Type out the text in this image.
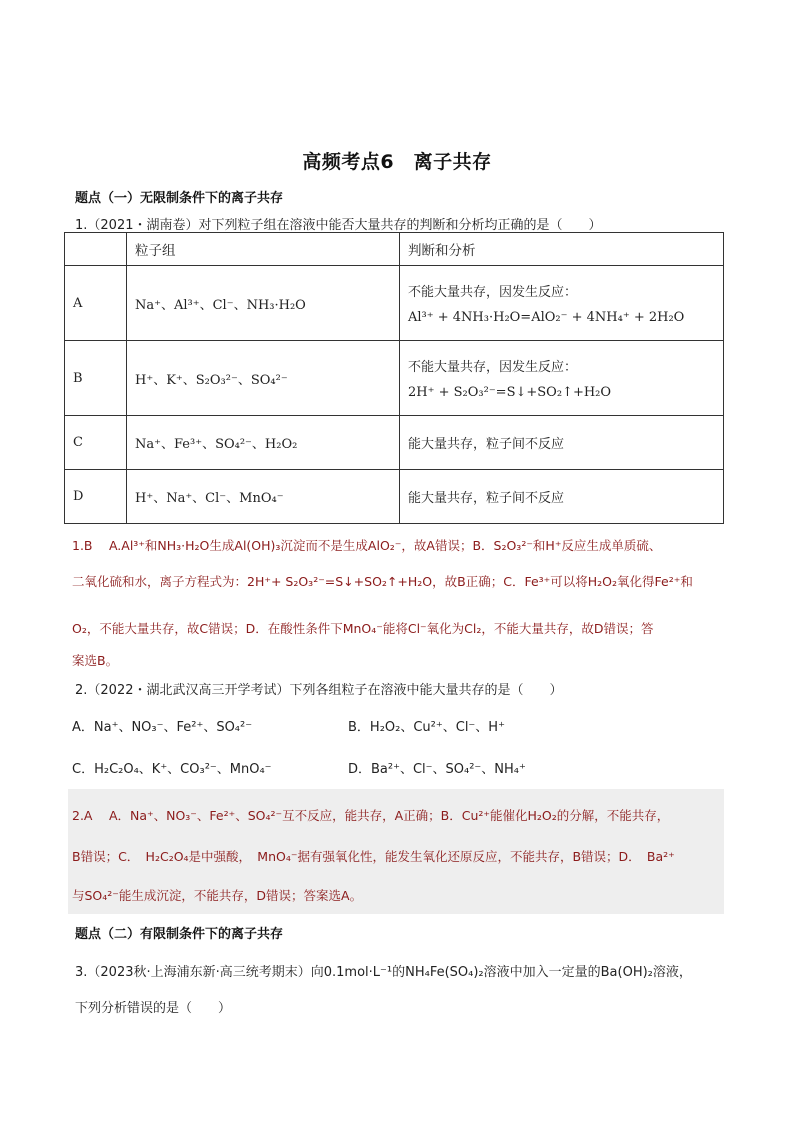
高频考点6　离子共存
题点（一）无限制条件下的离子共存
1.（2021・湖南卷）对下列粒子组在溶液中能否大量共存的判断和分析均正确的是（　　）
	粒子组	判断和分析
A	Na⁺、Al³⁺、Cl⁻、NH₃·H₂O	不能大量共存，因发生反应：
Al³⁺ + 4NH₃·H₂O=AlO₂⁻ + 4NH₄⁺ + 2H₂O

B	H⁺、K⁺、S₂O₃²⁻、SO₄²⁻	不能大量共存，因发生反应：
2H⁺ + S₂O₃²⁻=S↓+SO₂↑+H₂O

C	Na⁺、Fe³⁺、SO₄²⁻、H₂O₂	能大量共存，粒子间不反应
D	H⁺、Na⁺、Cl⁻、MnO₄⁻	能大量共存，粒子间不反应
1.B　 A.Al³⁺和NH₃·H₂O生成Al(OH)₃沉淀而不是生成AlO₂⁻，故A错误；B．S₂O₃²⁻和H⁺反应生成单质硫、
二氧化硫和水，离子方程式为：2H⁺+ S₂O₃²⁻=S↓+SO₂↑+H₂O，故B正确；C．Fe³⁺可以将H₂O₂氧化得Fe²⁺和
O₂，不能大量共存，故C错误；D．在酸性条件下MnO₄⁻能将Cl⁻氧化为Cl₂，不能大量共存，故D错误；答
案选B。
2.（2022・湖北武汉高三开学考试）下列各组粒子在溶液中能大量共存的是（　　）
A．Na⁺、NO₃⁻、Fe²⁺、SO₄²⁻	B．H₂O₂、Cu²⁺、Cl⁻、H⁺
C．H₂C₂O₄、K⁺、CO₃²⁻、MnO₄⁻	D．Ba²⁺、Cl⁻、SO₄²⁻、NH₄⁺
2.A　 A．Na⁺、NO₃⁻、Fe²⁺、SO₄²⁻互不反应，能共存，A正确；B．Cu²⁺能催化H₂O₂的分解，不能共存，
B错误；C．　H₂C₂O₄是中强酸，　MnO₄⁻据有强氧化性，能发生氧化还原反应，不能共存，B错误；D．　Ba²⁺
与SO₄²⁻能生成沉淀，不能共存，D错误；答案选A。
题点（二）有限制条件下的离子共存
3.（2023秋·上海浦东新·高三统考期末）向0.1mol·L⁻¹的NH₄Fe(SO₄)₂溶液中加入一定量的Ba(OH)₂溶液，
下列分析错误的是（　　）
